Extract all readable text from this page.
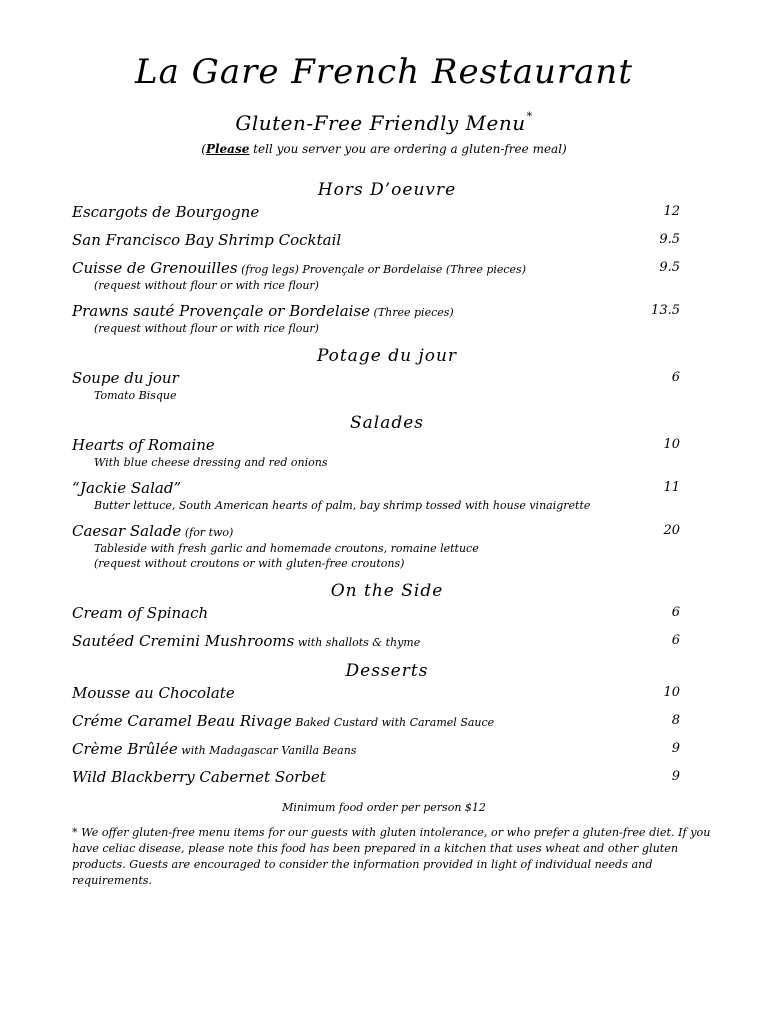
La Gare French Restaurant
Gluten-Free Friendly Menu*
(Please tell you server you are ordering a gluten-free meal)
Hors D’oeuvre
Escargots de Bourgogne	12
San Francisco Bay Shrimp Cocktail	9.5
Cuisse de Grenouilles (frog legs) Provençale or Bordelaise (Three pieces)	9.5
(request without flour or with rice flour)
Prawns sauté Provençale or Bordelaise (Three pieces)	13.5
(request without flour or with rice flour)
Potage du jour
Soupe du jour	6
Tomato Bisque
Salades
Hearts of Romaine	10
With blue cheese dressing and red onions
“Jackie Salad”	11
Butter lettuce, South American hearts of palm, bay shrimp tossed with house vinaigrette
Caesar Salade (for two)	20
Tableside with fresh garlic and homemade croutons, romaine lettuce
(request without croutons or with gluten-free croutons)
On the Side
Cream of Spinach	6
Sautéed Cremini Mushrooms with shallots & thyme	6
Desserts
Mousse au Chocolate	10
Créme Caramel Beau Rivage Baked Custard with Caramel Sauce	8
Crème Brûlée with Madagascar Vanilla Beans	9
Wild Blackberry Cabernet Sorbet	9
Minimum food order per person $12
* We offer gluten-free menu items for our guests with gluten intolerance, or who prefer a gluten-free diet. If you have celiac disease, please note this food has been prepared in a kitchen that uses wheat and other gluten products. Guests are encouraged to consider the information provided in light of individual needs and requirements.
